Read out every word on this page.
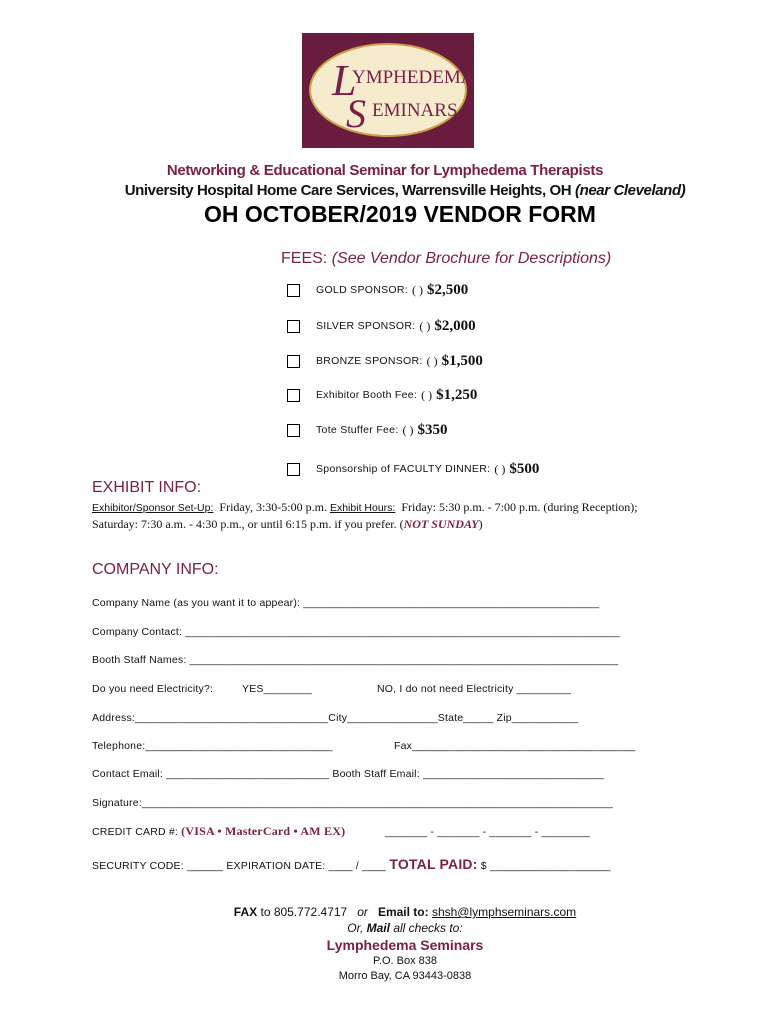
L
YMPHEDEMA
S EMINARS
Networking & Educational Seminar for Lymphedema Therapists
University Hospital Home Care Services, Warrensville Heights, OH (near Cleveland)
OH OCTOBER/2019 VENDOR FORM
FEES: (See Vendor Brochure for Descriptions)
GOLD SPONSOR: ( ) $2,500
SILVER SPONSOR: ( ) $2,000
BRONZE SPONSOR: ( ) $1,500
Exhibitor Booth Fee: ( ) $1,250
Tote Stuffer Fee: ( ) $350
Sponsorship of FACULTY DINNER: ( ) $500
EXHIBIT INFO:
Exhibitor/Sponsor Set-Up: Friday, 3:30-5:00 p.m. Exhibit Hours: Friday: 5:30 p.m. - 7:00 p.m. (during Reception);
Saturday: 7:30 a.m. - 4:30 p.m., or until 6:15 p.m. if you prefer. (NOT SUNDAY)
COMPANY INFO:
Company Name (as you want it to appear): _________________________________________________
Company Contact: ________________________________________________________________________
Booth Staff Names: _______________________________________________________________________
Do you need Electricity?:	YES________	NO, I do not need Electricity _________
Address:________________________________City_______________State_____ Zip___________
Telephone:_______________________________	Fax_____________________________________
Contact Email: ___________________________ Booth Staff Email: ______________________________
Signature:______________________________________________________________________________
CREDIT CARD #: (VISA • MasterCard • AM EX)	_______ - _______ - _______ - ________
SECURITY CODE: ______ EXPIRATION DATE: ____ / ____ TOTAL PAID: $ ____________________
FAX to 805.772.4717 or Email to: shsh@lymphseminars.com
Or, Mail all checks to:
Lymphedema Seminars
P.O. Box 838
Morro Bay, CA 93443-0838
